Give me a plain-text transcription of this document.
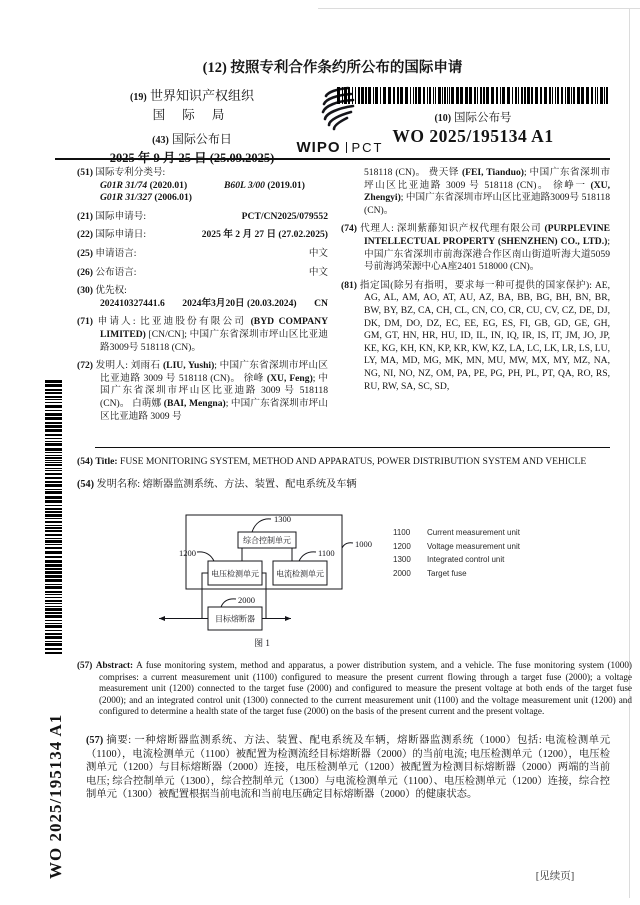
(12) 按照专利合作条约所公布的国际申请
(19) 世界知识产权组织
国 际 局
(43) 国际公布日	WIPO PCT
(10) 国际公布号
WO 2025/195134 A1
(51) 国际专利分类号:
G01R 31/74 (2020.01)	B60L 3/00 (2019.01)
G01R 31/327 (2006.01)
(21) 国际申请号:	PCT/CN2025/079552
(22) 国际申请日:	2025 年 2 月 27 日 (27.02.2025)
(25) 申请语言:	中文
(26) 公布语言:	中文
(30) 优先权:
202410327441.6 2024年3月20日 (20.03.2024) CN

(71) 申请人: 比亚迪股份有限公司 (BYD COMPANY LIMITED) [CN/CN]; 中国广东省深圳市坪山区比亚迪路3009号 518118 (CN)。

(72) 发明人: 刘雨石 (LIU, Yushi); 中国广东省深圳市坪山区比亚迪路 3009 号 518118 (CN)。 徐峰 (XU, Feng); 中国广东省深圳市坪山区比亚迪路 3009 号 518118 (CN)。 白萌娜 (BAI, Mengna); 中国广东省深圳市坪山区比亚迪路 3009 号

518118 (CN)。 费天铎 (FEI, Tianduo); 中国广东省深圳市坪山区比亚迪路 3009 号 518118 (CN)。 徐峥一 (XU, Zhengyi); 中国广东省深圳市坪山区比亚迪路3009号 518118 (CN)。

(74) 代理人: 深圳紫藤知识产权代理有限公司 (PURPLEVINE INTELLECTUAL PROPERTY (SHENZHEN) CO., LTD.); 中国广东省深圳市前海深港合作区南山街道听海大道5059号前海鸿荣源中心A座2401 518000 (CN)。

(81) 指定国(除另有指明，要求每一种可提供的国家保护): AE, AG, AL, AM, AO, AT, AU, AZ, BA, BB, BG, BH, BN, BR, BW, BY, BZ, CA, CH, CL, CN, CO, CR, CU, CV, CZ, DE, DJ, DK, DM, DO, DZ, EC, EE, EG, ES, FI, GB, GD, GE, GH, GM, GT, HN, HR, HU, ID, IL, IN, IQ, IR, IS, IT, JM, JO, JP, KE, KG, KH, KN, KP, KR, KW, KZ, LA, LC, LK, LR, LS, LU, LY, MA, MD, MG, MK, MN, MU, MW, MX, MY, MZ, NA, NG, NI, NO, NZ, OM, PA, PE, PG, PH, PL, PT, QA, RO, RS, RU, RW, SA, SC, SD,

(54) Title: FUSE MONITORING SYSTEM, METHOD AND APPARATUS, POWER DISTRIBUTION SYSTEM AND VEHICLE

(54) 发明名称: 熔断器监测系统、方法、装置、配电系统及车辆

综合控制单元
电压检测单元 电流检测单元
目标熔断器
1300
1200	1100
1000
2000
图 1
1100 Current measurement unit
1200 Voltage measurement unit
1300 Integrated control unit
2000 Target fuse

(57) Abstract: A fuse monitoring system, method and apparatus, a power distribution system, and a vehicle. The fuse monitoring system (1000) comprises: a current measurement unit (1100) configured to measure the present current flowing through a target fuse (2000); a voltage measurement unit (1200) connected to the target fuse (2000) and configured to measure the present voltage at both ends of the target fuse (2000); and an integrated control unit (1300) connected to the current measurement unit (1100) and the voltage measurement unit (1200) and configured to determine a health state of the target fuse (2000) on the basis of the present current and the present voltage.

(57) 摘要: 一种熔断器监测系统、方法、装置、配电系统及车辆，熔断器监测系统（1000）包括: 电流检测单元（1100），电流检测单元（1100）被配置为检测流经目标熔断器（2000）的当前电流; 电压检测单元（1200），电压检测单元（1200）与目标熔断器（2000）连接，电压检测单元（1200）被配置为检测目标熔断器（2000）两端的当前电压; 综合控制单元（1300），综合控制单元（1300）与电流检测单元（1100）、电压检测单元（1200）连接，综合控制单元（1300）被配置根据当前电流和当前电压确定目标熔断器（2000）的健康状态。

WO 2025/195134 A1	[见续页]
